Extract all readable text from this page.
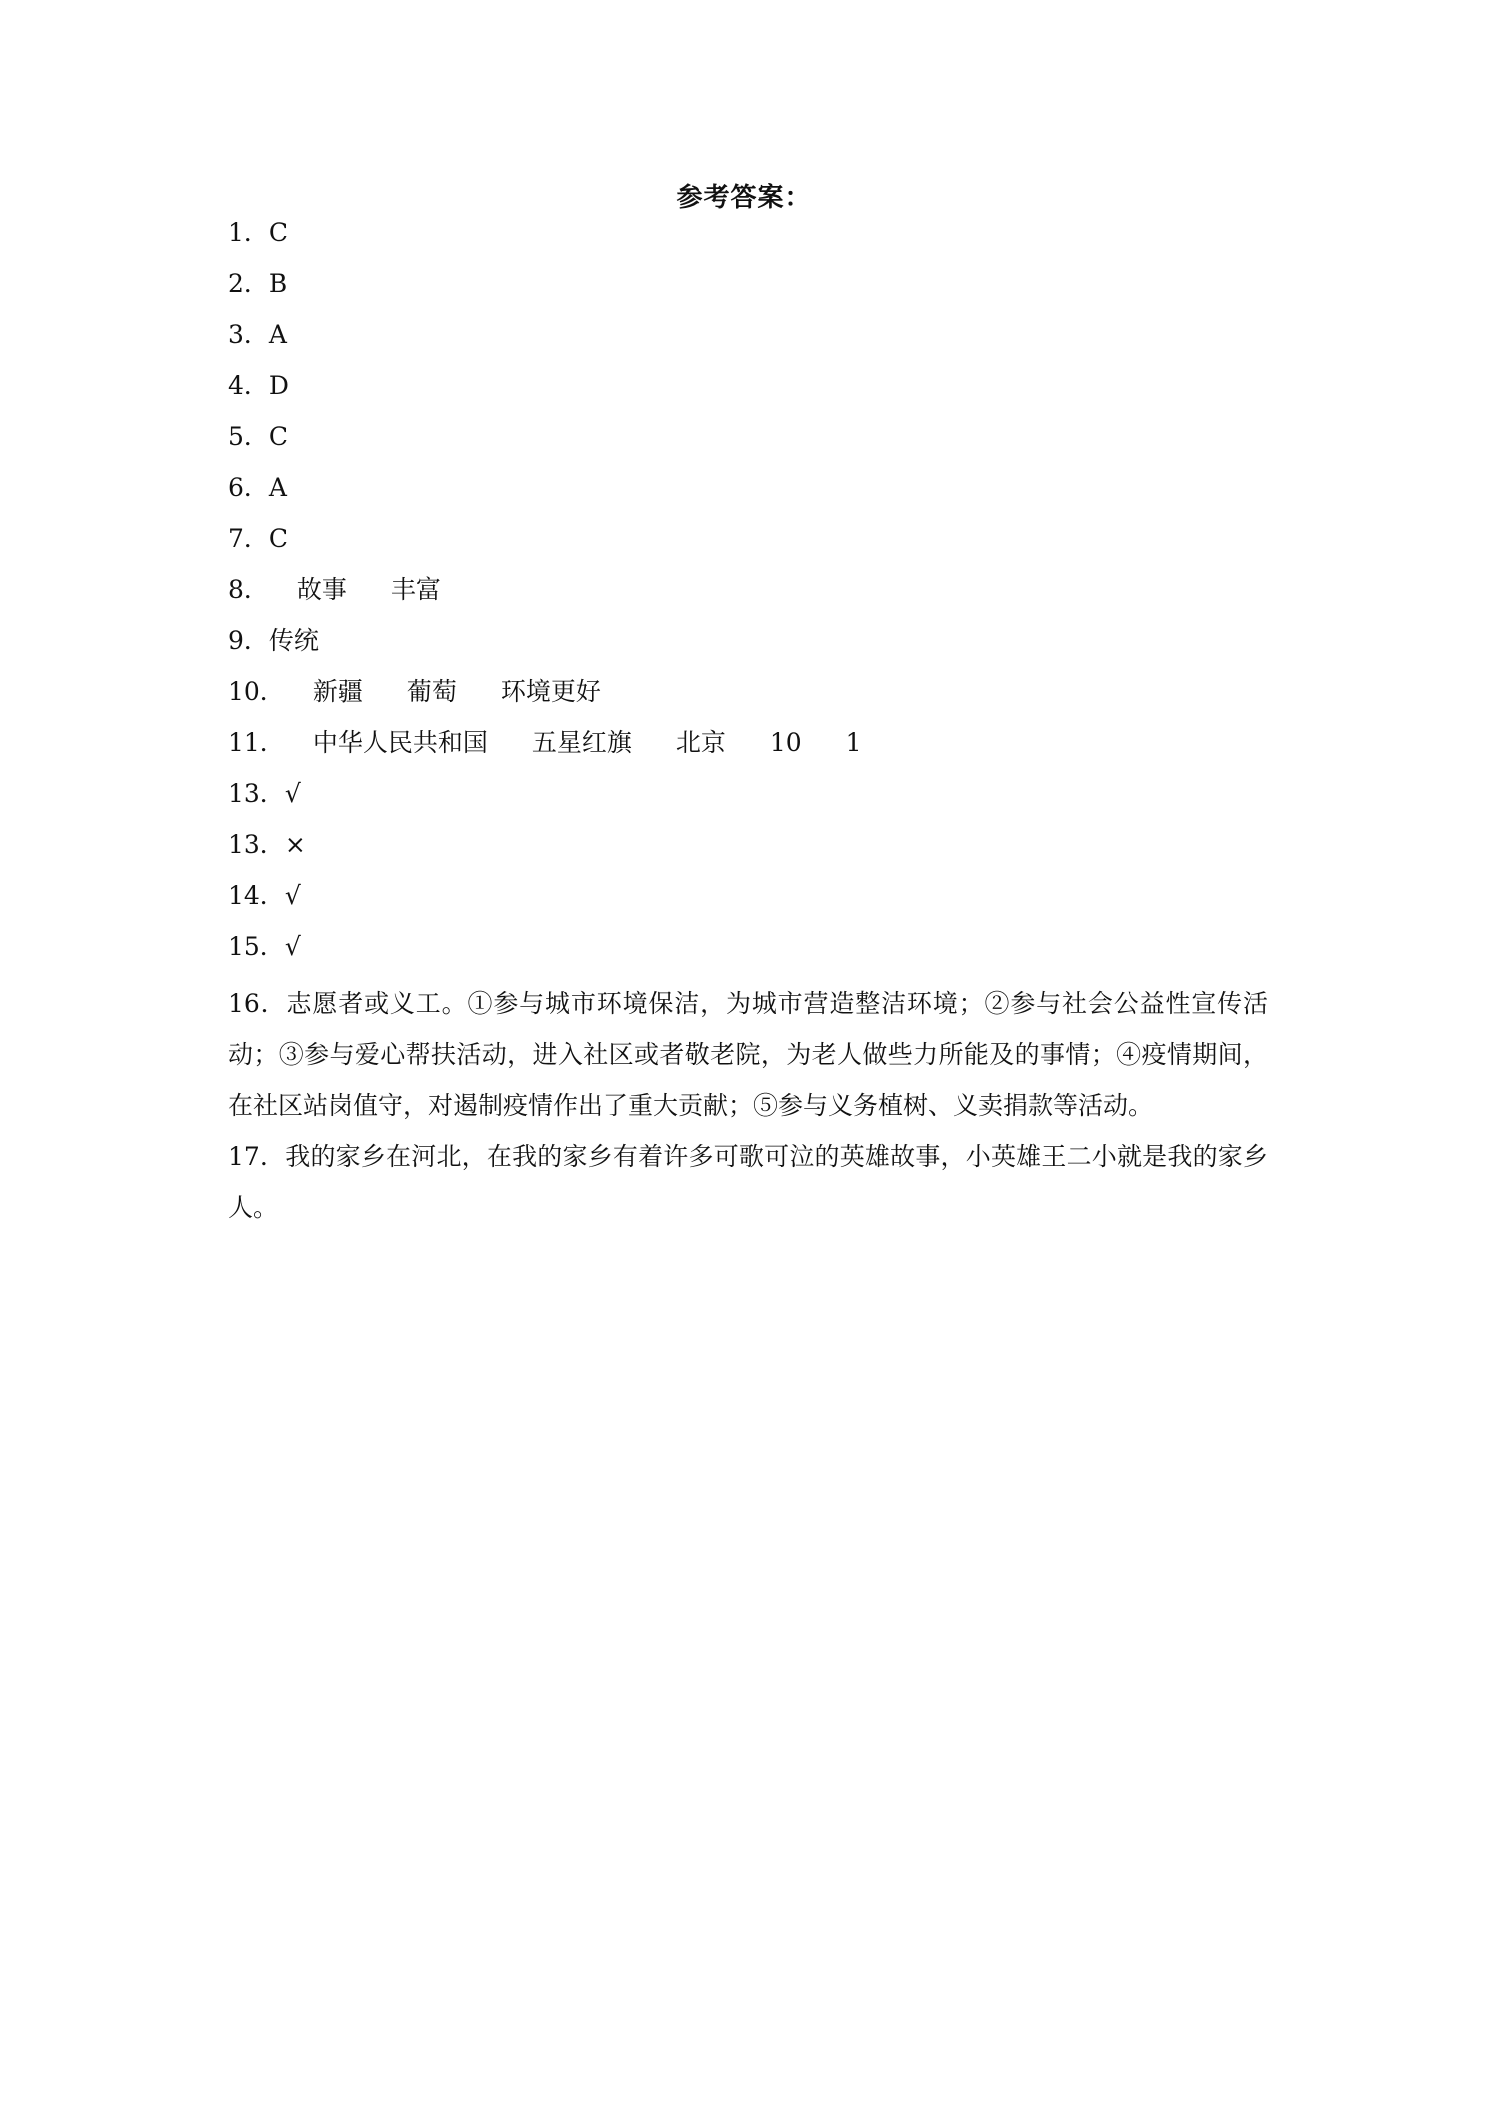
参考答案：
1．C
2．B
3．A
4．D
5．C
6．A
7．C
8． 故事 丰富
9．传统
10． 新疆 葡萄 环境更好
11． 中华人民共和国 五星红旗 北京 10 1
13．√
13．×
14．√
15．√
16．志愿者或义工。①参与城市环境保洁，为城市营造整洁环境；②参与社会公益性宣传活动；③参与爱心帮扶活动，进入社区或者敬老院，为老人做些力所能及的事情；④疫情期间，在社区站岗值守，对遏制疫情作出了重大贡献；⑤参与义务植树、义卖捐款等活动。
17．我的家乡在河北，在我的家乡有着许多可歌可泣的英雄故事，小英雄王二小就是我的家乡人。
